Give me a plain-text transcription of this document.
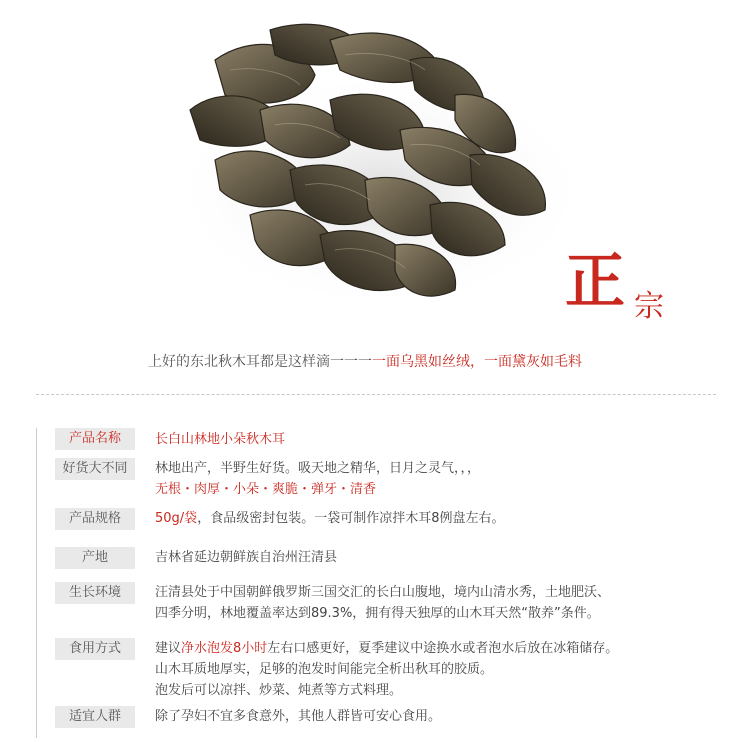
正 宗
上好的东北秋木耳都是这样滴一一一一面乌黑如丝绒，一面黛灰如毛料
产品名称	长白山林地小朵秋木耳
好货大不同	林地出产，半野生好货。吸天地之精华，日月之灵气，，，
无根・肉厚・小朵・爽脆・弹牙・清香
产品规格	50g/袋，食品级密封包装。一袋可制作凉拌木耳8例盘左右。
产地	吉林省延边朝鲜族自治州汪清县
生长环境	汪清县处于中国朝鲜俄罗斯三国交汇的长白山腹地，境内山清水秀，土地肥沃、
四季分明，林地覆盖率达到89.3%，拥有得天独厚的山木耳天然“散养”条件。
食用方式	建议净水泡发8小时左右口感更好，夏季建议中途换水或者泡水后放在冰箱储存。
山木耳质地厚实，足够的泡发时间能完全析出秋耳的胶质。
泡发后可以凉拌、炒菜、炖煮等方式料理。
适宜人群	除了孕妇不宜多食意外，其他人群皆可安心食用。
